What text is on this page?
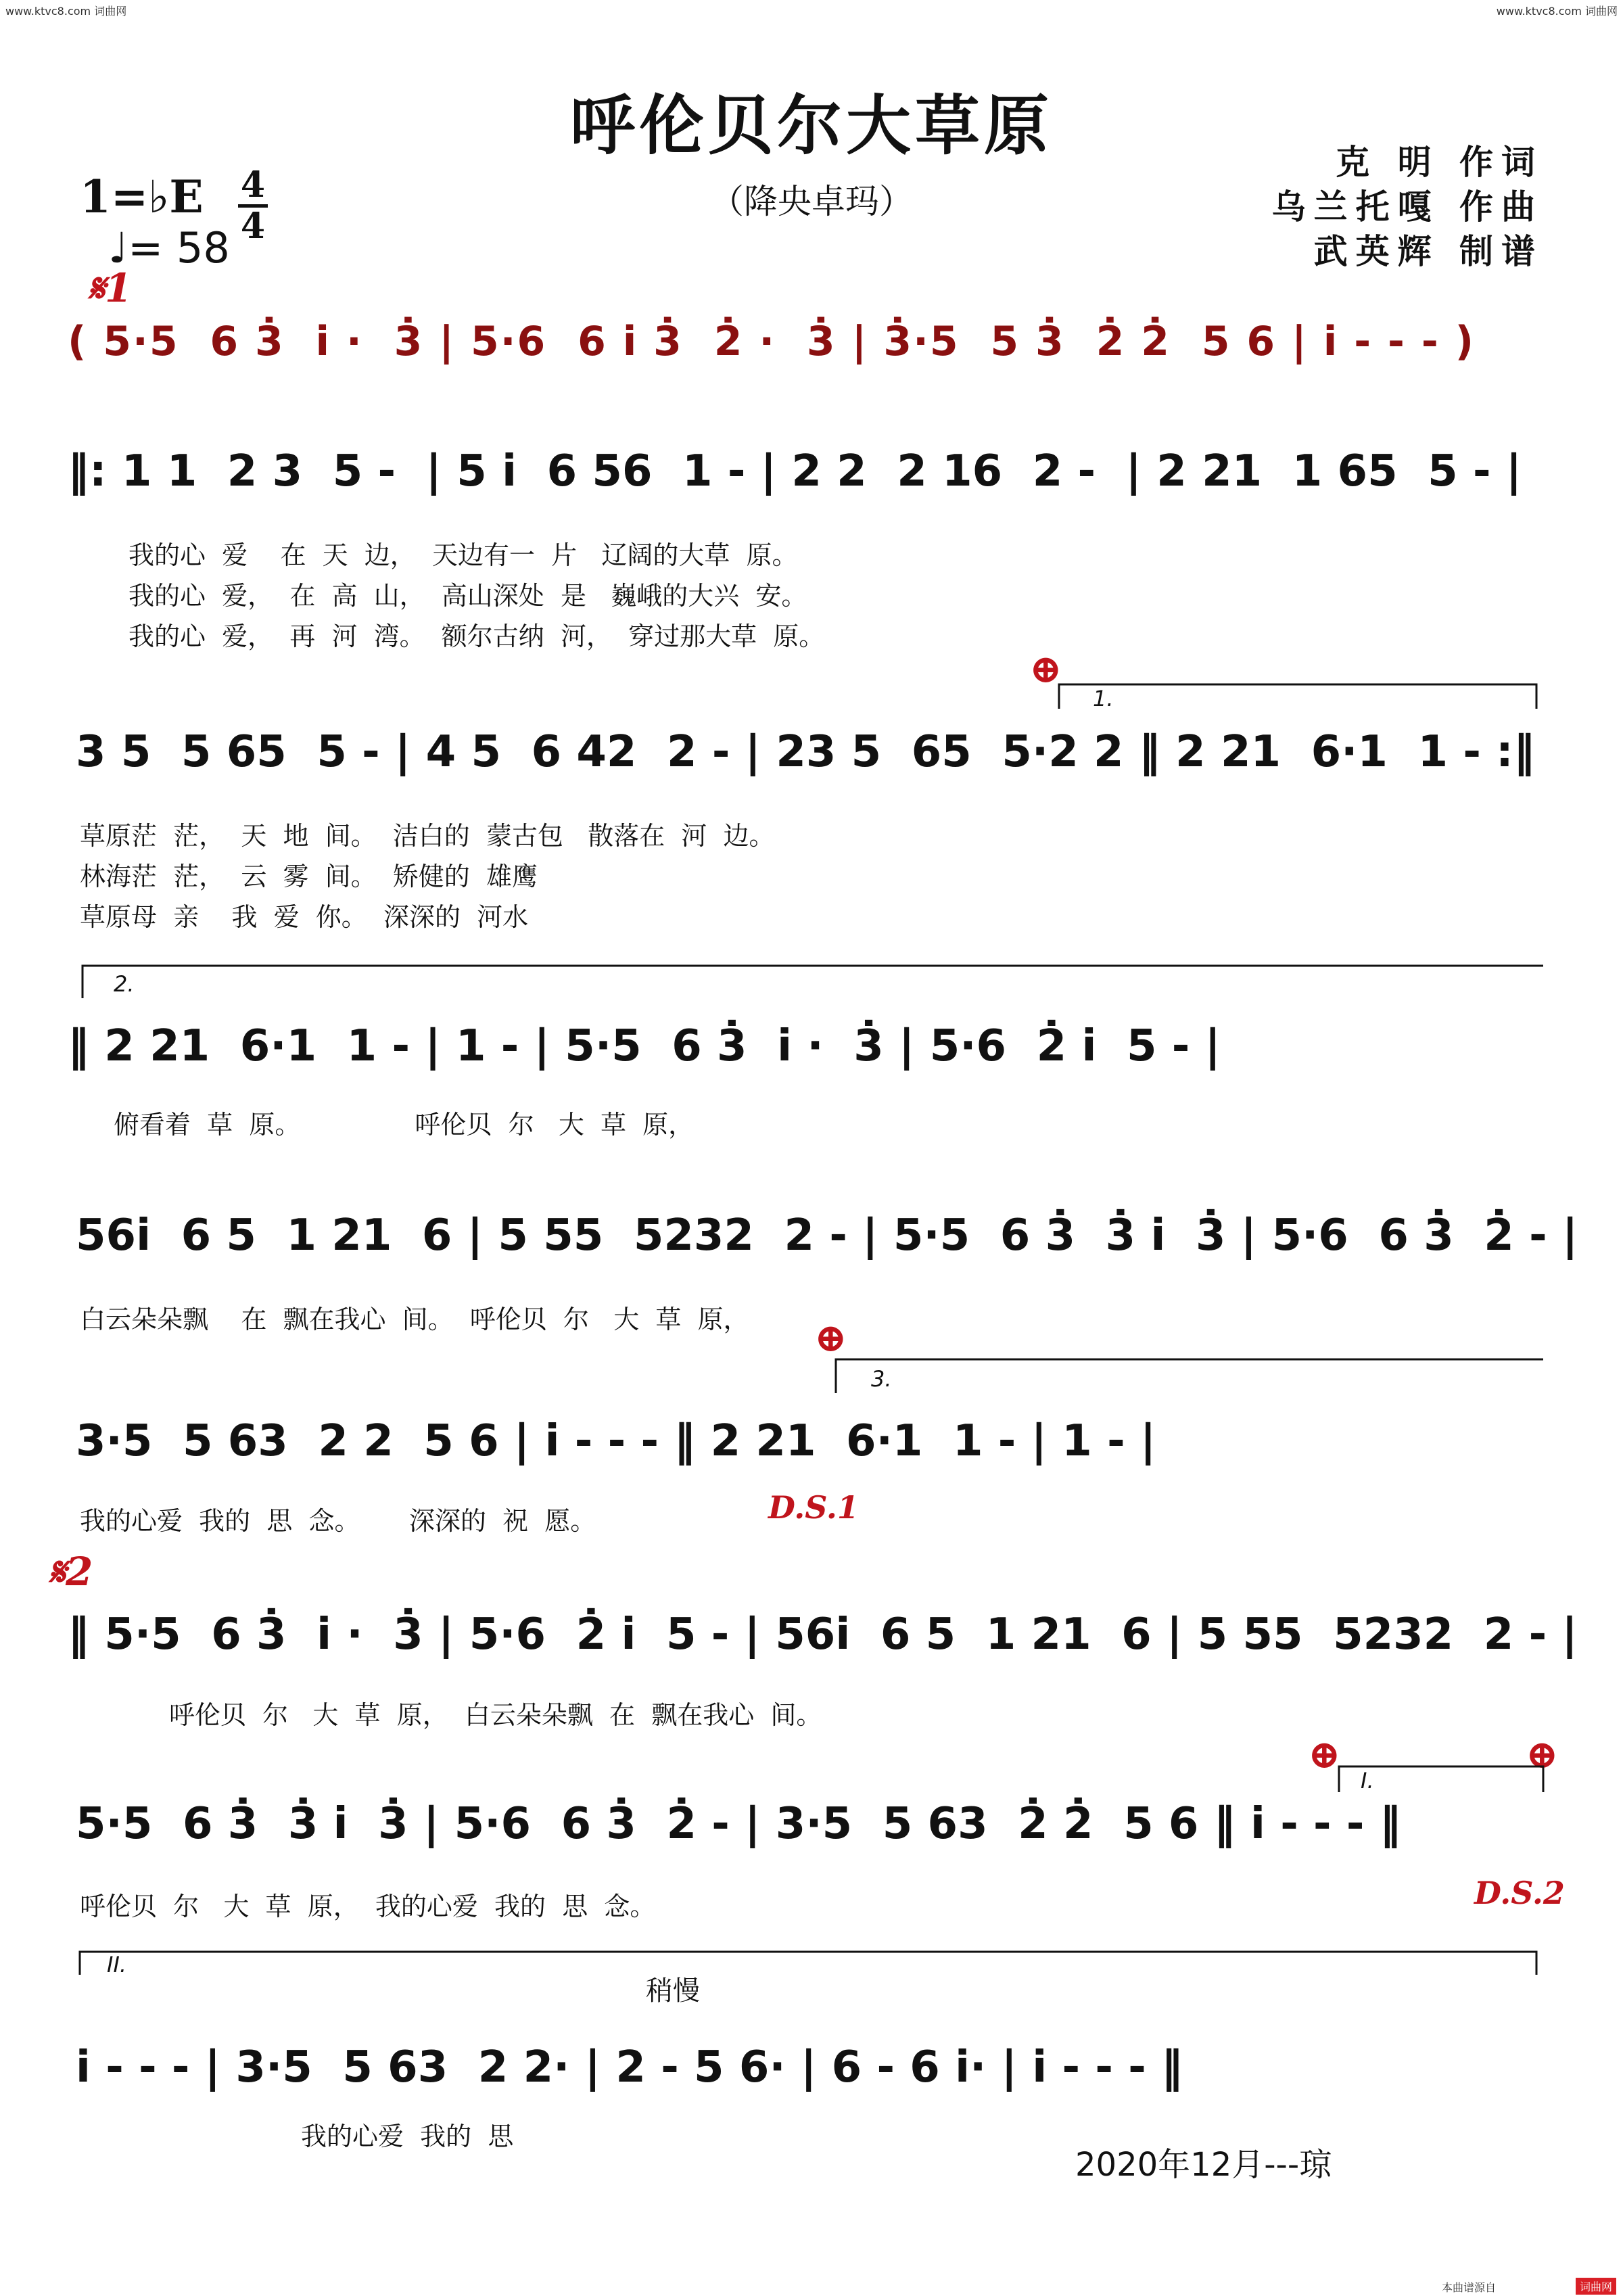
www.ktvc8.com 词曲网	www.ktvc8.com 词曲网
呼伦贝尔大草原
（降央卓玛）
克 明 作词
乌兰托嘎 作曲
武英辉 制谱
1=♭E 4
4
♩= 58
𝄋1
𝄋2
D.S.1
D.S.2
⊕
⊕
⊕	⊕
稍慢
( 5·5  6 3̇  i ·  3̇ | 5·6  6 i 3̇  2̇ ·  3̇ | 3̇·5  5 3̇  2̇ 2̇  5 6 | i - - - )
‖: 1 1  2 3  5 -  | 5 i  6 56  1 - | 2 2  2 16  2 -  | 2 21  1 65  5 - |
我的心  爱    在  天  边，  天边有一  片   辽阔的大草  原。
我的心  爱，  在  高  山，  高山深处  是   巍峨的大兴  安。
我的心  爱，  再  河  湾。  额尔古纳  河，  穿过那大草  原。
3 5  5 65  5 - | 4 5  6 42  2 - | 23 5  65  5·2 2 ‖ 2 21  6·1  1 - :‖
草原茫  茫，  天  地  间。  洁白的  蒙古包   散落在  河  边。
林海茫  茫，  云  雾  间。  矫健的  雄鹰
草原母  亲    我  爱  你。  深深的  河水
‖ 2 21  6·1  1 - | 1 - | 5·5  6 3̇  i ·  3̇ | 5·6  2̇ i  5 - |
俯看着  草  原。              呼伦贝  尔   大  草  原，
56i  6 5  1 21  6 | 5 55  5232  2 - | 5·5  6 3̇  3̇ i  3̇ | 5·6  6 3̇  2̇ - |
白云朵朵飘    在  飘在我心  间。  呼伦贝  尔   大  草  原，
3·5  5 63  2 2  5 6 | i - - - ‖ 2 21  6·1  1 - | 1 - |
我的心爱  我的  思  念。      深深的  祝  愿。
‖ 5·5  6 3̇  i ·  3̇ | 5·6  2̇ i  5 - | 56i  6 5  1 21  6 | 5 55  5232  2 - |
呼伦贝  尔   大  草  原，  白云朵朵飘  在  飘在我心  间。
5·5  6 3̇  3̇ i  3̇ | 5·6  6 3̇  2̇ - | 3·5  5 63  2̇ 2̇  5 6 ‖ i - - - ‖
呼伦贝  尔   大  草  原，  我的心爱  我的  思  念。
i - - - | 3·5  5 63  2 2· | 2 - 5 6· | 6 - 6 i· | i - - - ‖
我的心爱  我的  思
1.
2.
3.
I.
II.
2020年12月---琼
本曲谱源自	词曲网
